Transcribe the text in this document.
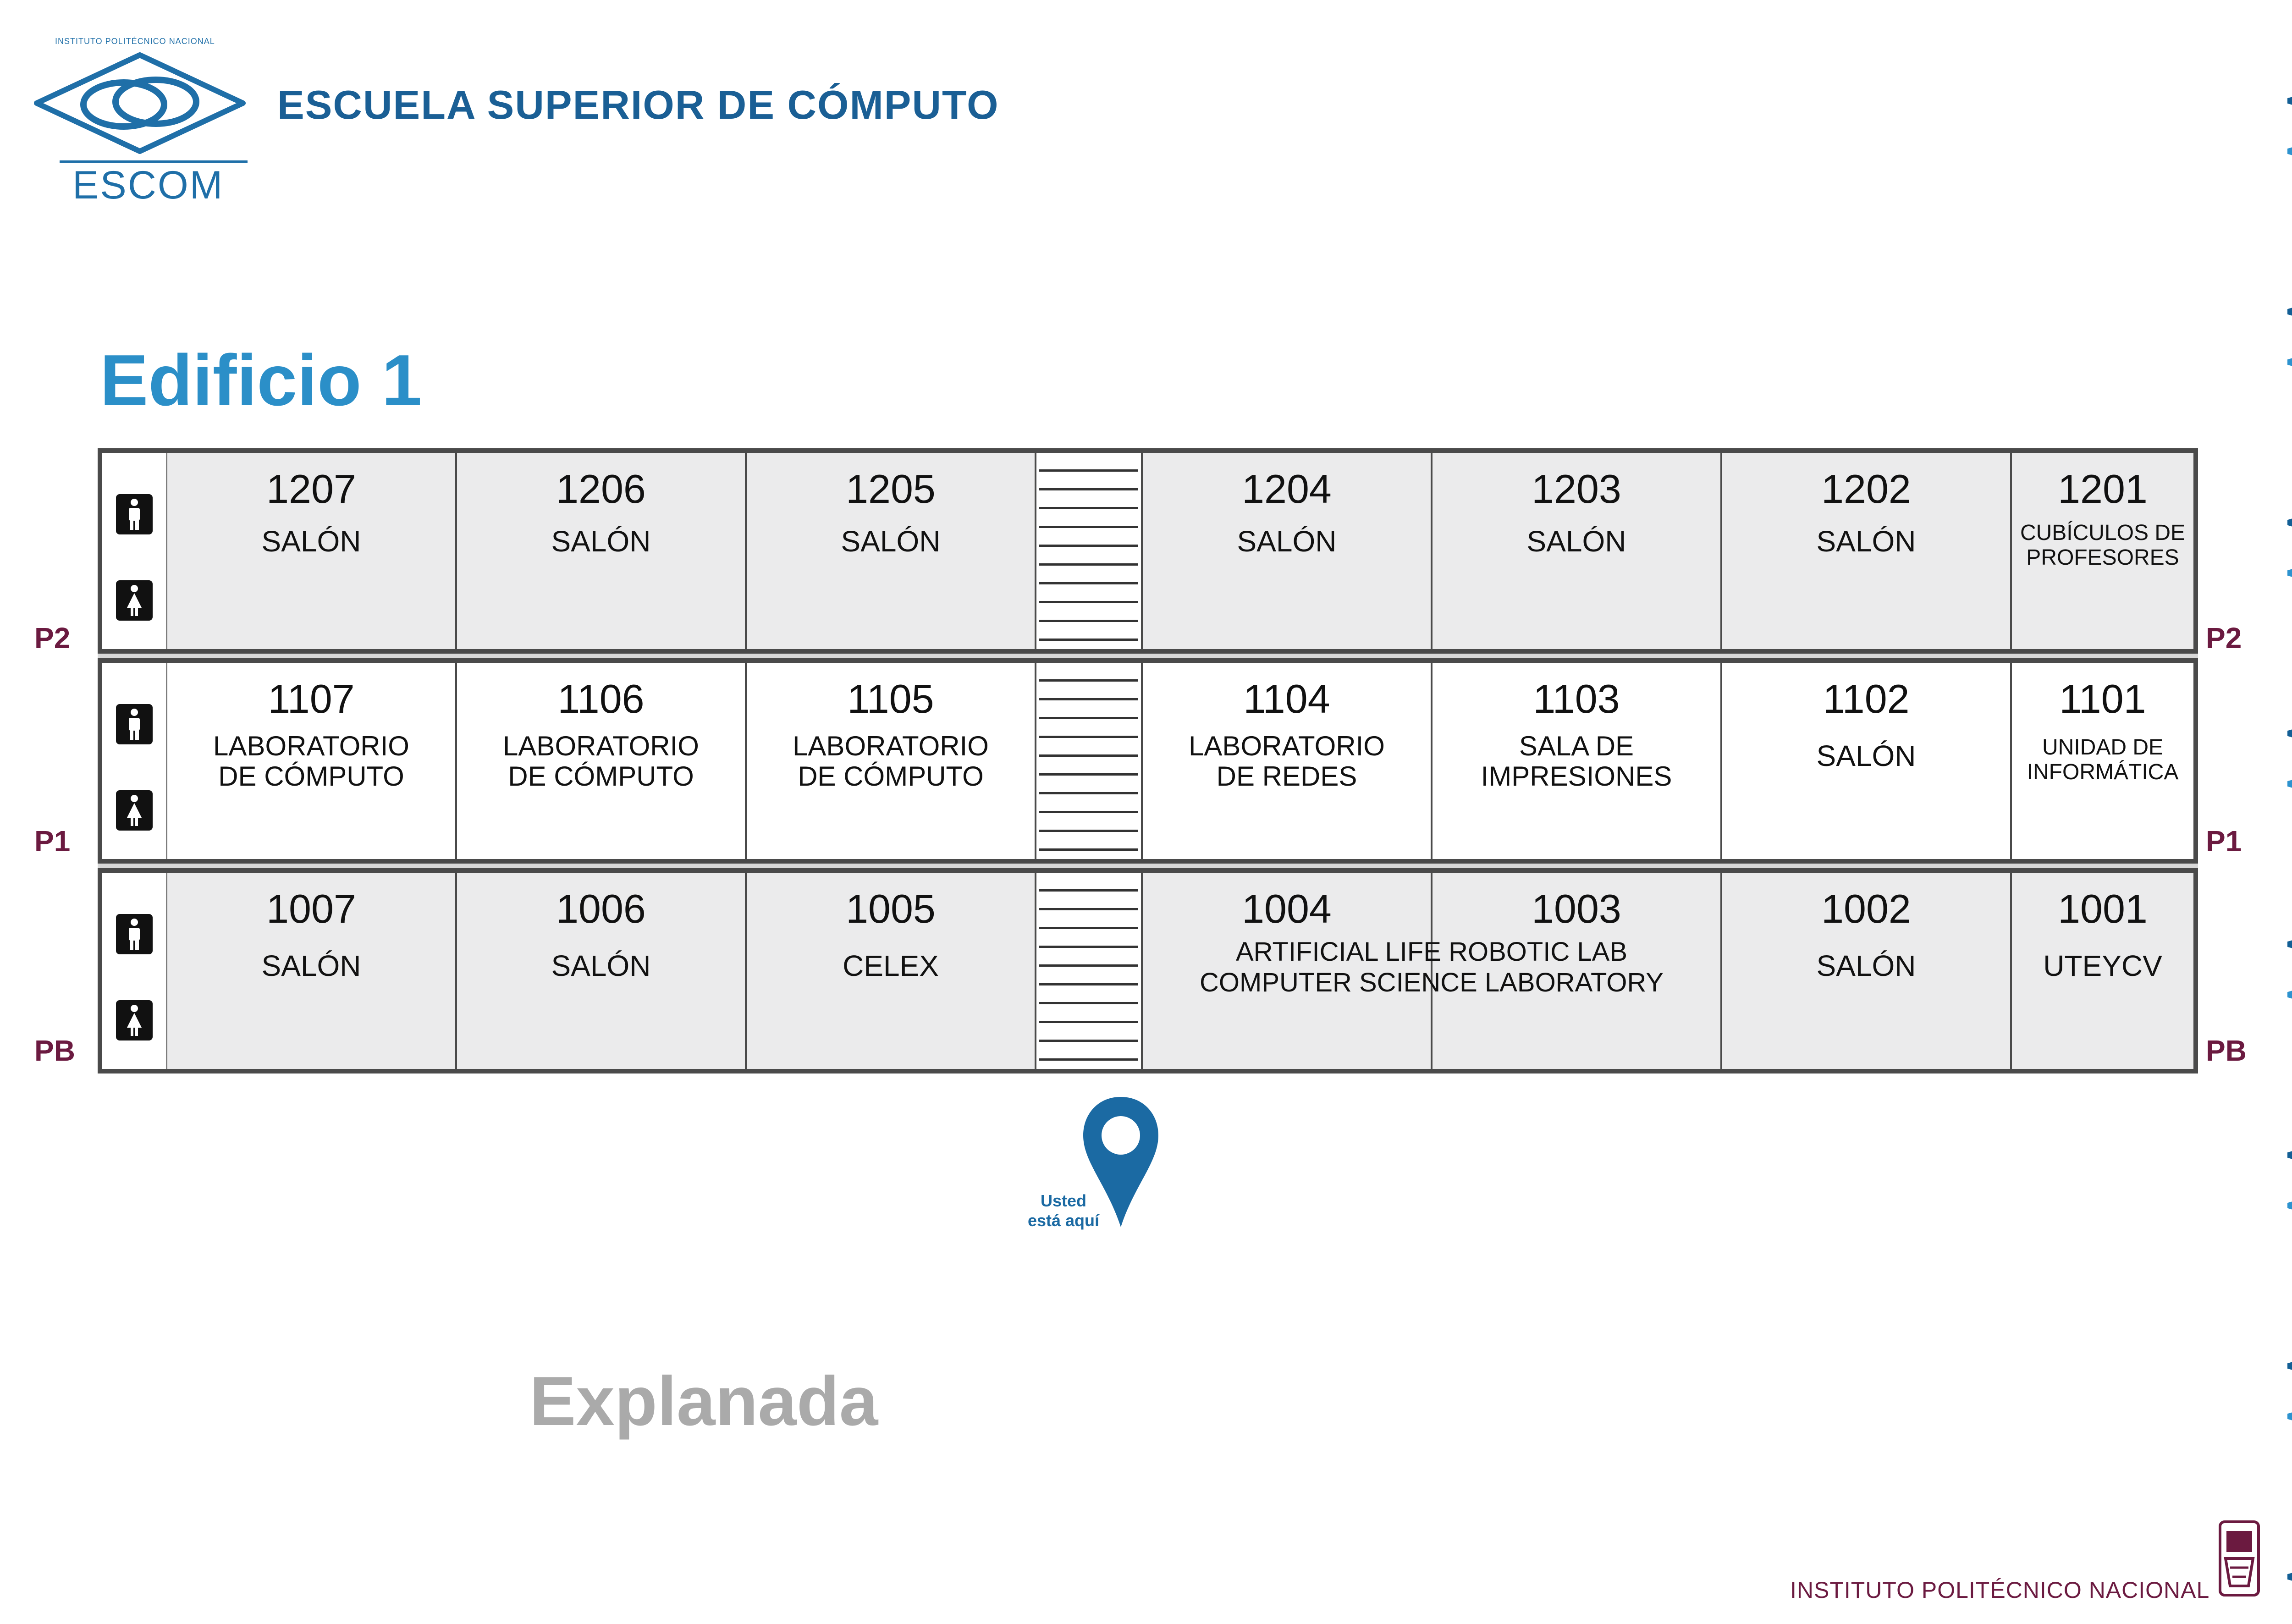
INSTITUTO POLITÉCNICO NACIONAL
ESCOM
ESCUELA SUPERIOR DE CÓMPUTO
Edificio 1
1207
SALÓN
1206
SALÓN
1205
SALÓN
1204
SALÓN
1203
SALÓN
1202
SALÓN
1201
CUBÍCULOS DE
PROFESORES
1107
LABORATORIO
DE CÓMPUTO
1106
LABORATORIO
DE CÓMPUTO
1105
LABORATORIO
DE CÓMPUTO
1104
LABORATORIO
DE REDES
1103
SALA DE
IMPRESIONES
1102
SALÓN
1101
UNIDAD DE
INFORMÁTICA
1007
SALÓN
1006
SALÓN
1005
CELEX
1004	1003
ARTIFICIAL LIFE ROBOTIC LAB
COMPUTER SCIENCE LABORATORY
1002
SALÓN
1001
UTEYCV
P2
P1
PB
P2
P1
PB
Usted
está aquí
Explanada
INSTITUTO POLITÉCNICO NACIONAL
